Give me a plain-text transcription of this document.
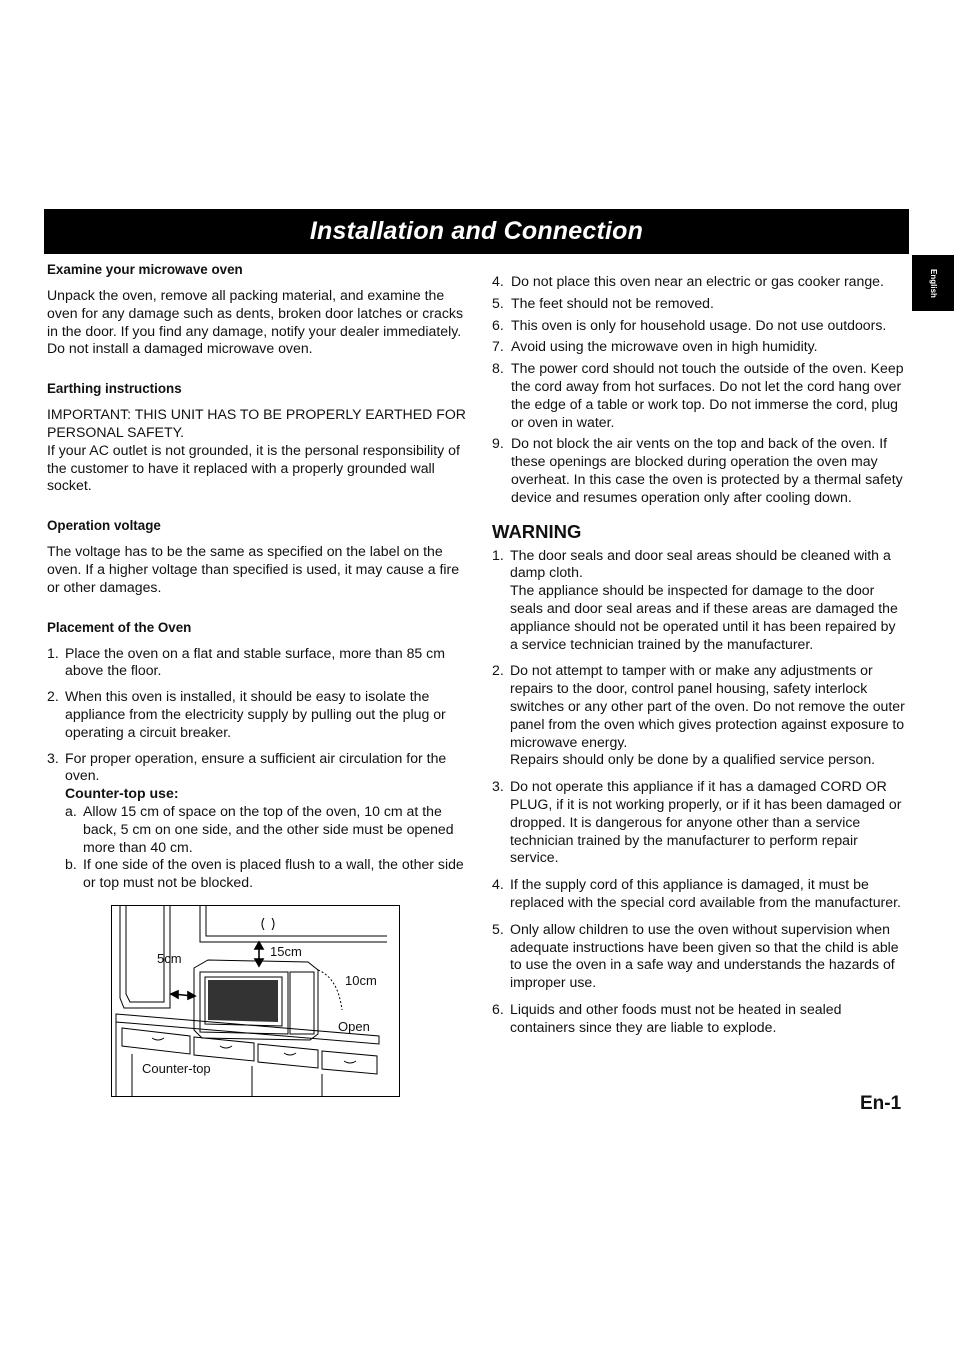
Installation and Connection
English
Examine your microwave oven

Unpack the oven, remove all packing material, and examine the oven for any damage such as dents, broken door latches or cracks in the door. If you find any damage, notify your dealer immediately. Do not install a damaged microwave oven.

Earthing instructions

IMPORTANT: THIS UNIT HAS TO BE PROPERLY EARTHED FOR PERSONAL SAFETY.

If your AC outlet is not grounded, it is the personal responsibility of the customer to have it replaced with a properly grounded wall socket.

Operation voltage

The voltage has to be the same as specified on the label on the oven. If a higher voltage than specified is used, it may cause a fire or other damages.

Placement of the Oven
1. Place the oven on a flat and stable surface, more than 85 cm above the floor.
2. When this oven is installed, it should be easy to isolate the appliance from the electricity supply by pulling out the plug or operating a circuit breaker.
3. For proper operation, ensure a sufficient air circulation for the oven.
Counter-top use:
a. Allow 15 cm of space on the top of the oven, 10 cm at the back, 5 cm on one side, and the other side must be opened more than 40 cm.
b. If one side of the oven is placed flush to a wall, the other side or top must not be blocked.
5cm	15cm
10cm
Open
Counter-top
4. Do not place this oven near an electric or gas cooker range.
5. The feet should not be removed.
6. This oven is only for household usage. Do not use outdoors.
7. Avoid using the microwave oven in high humidity.
8. The power cord should not touch the outside of the oven. Keep the cord away from hot surfaces. Do not let the cord hang over the edge of a table or work top. Do not immerse the cord, plug or oven in water.
9. Do not block the air vents on the top and back of the oven. If these openings are blocked during operation the oven may overheat. In this case the oven is protected by a thermal safety device and resumes operation only after cooling down.
WARNING
1. The door seals and door seal areas should be cleaned with a damp cloth.
The appliance should be inspected for damage to the door seals and door seal areas and if these areas are damaged the appliance should not be operated until it has been repaired by a service technician trained by the manufacturer.
2. Do not attempt to tamper with or make any adjustments or repairs to the door, control panel housing, safety interlock switches or any other part of the oven. Do not remove the outer panel from the oven which gives protection against exposure to microwave energy.
Repairs should only be done by a qualified service person.
3. Do not operate this appliance if it has a damaged CORD OR PLUG, if it is not working properly, or if it has been damaged or dropped. It is dangerous for anyone other than a service technician trained by the manufacturer to perform repair service.
4. If the supply cord of this appliance is damaged, it must be replaced with the special cord available from the manufacturer.
5. Only allow children to use the oven without supervision when adequate instructions have been given so that the child is able to use the oven in a safe way and understands the hazards of improper use.
6. Liquids and other foods must not be heated in sealed containers since they are liable to explode.
En-1
